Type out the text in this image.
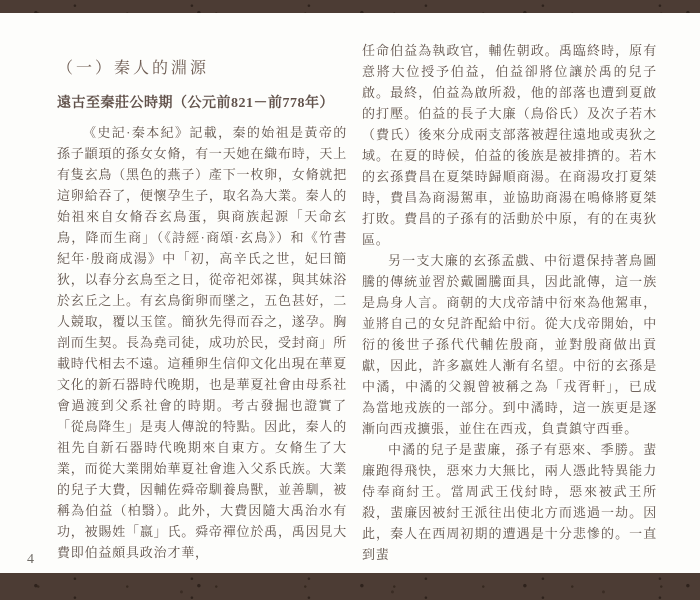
（一）秦人的淵源
遠古至秦莊公時期（公元前821－前778年）

《史記·秦本紀》記載，秦的始祖是黃帝的孫子顓頊的孫女女脩，有一天她在織布時，天上有隻玄鳥（黑色的燕子）產下一枚卵，女脩就把這卵給吞了，便懷孕生子，取名為大業。秦人的始祖來自女脩吞玄鳥蛋，與商族起源「天命玄鳥，降而生商」（《詩經·商頌·玄鳥》）和《竹書紀年·殷商成湯》中「初，高辛氏之世，妃曰簡狄，以春分玄鳥至之日，從帝祀郊禖，與其妹浴於玄丘之上。有玄鳥銜卵而墜之，五色甚好，二人競取，覆以玉筐。簡狄先得而吞之，遂孕。胸剖而生契。長為堯司徒，成功於民，受封商」所載時代相去不遠。這種卵生信仰文化出現在華夏文化的新石器時代晚期，也是華夏社會由母系社會過渡到父系社會的時期。考古發掘也證實了「從鳥降生」是夷人傳說的特點。因此，秦人的祖先自新石器時代晚期來自東方。女脩生了大業，而從大業開始華夏社會進入父系氏族。大業的兒子大費，因輔佐舜帝馴養鳥獸，並善馴，被稱為伯益（柏翳）。此外，大費因隨大禹治水有功，被賜姓「嬴」氏。舜帝禪位於禹，禹因見大費即伯益頗具政治才華，

任命伯益為執政官，輔佐朝政。禹臨終時，原有意將大位授予伯益，伯益卻將位讓於禹的兒子啟。最終，伯益為啟所殺，他的部落也遭到夏啟的打壓。伯益的長子大廉（鳥俗氏）及次子若木（費氏）後來分成兩支部落被趕往遠地或夷狄之域。在夏的時候，伯益的後族是被排擠的。若木的玄孫費昌在夏桀時歸順商湯。在商湯攻打夏桀時，費昌為商湯駕車，並協助商湯在鳴條將夏桀打敗。費昌的子孫有的活動於中原，有的在夷狄區。

另一支大廉的玄孫孟戲、中衍還保持著鳥圖騰的傳統並習於戴圖騰面具，因此訛傳，這一族是鳥身人言。商朝的大戊帝請中衍來為他駕車，並將自己的女兒許配給中衍。從大戊帝開始，中衍的後世子孫代代輔佐殷商，並對殷商做出貢獻，因此，許多嬴姓人漸有名望。中衍的玄孫是中潏，中潏的父親曾被稱之為「戎胥軒」，已成為當地戎族的一部分。到中潏時，這一族更是逐漸向西戎擴張，並住在西戎，負責鎮守西垂。

中潏的兒子是蜚廉，孫子有惡來、季勝。蜚廉跑得飛快，惡來力大無比，兩人憑此特異能力侍奉商紂王。當周武王伐紂時，惡來被武王所殺，蜚廉因被紂王派往出使北方而逃過一劫。因此，秦人在西周初期的遭遇是十分悲慘的。一直到蜚

4
